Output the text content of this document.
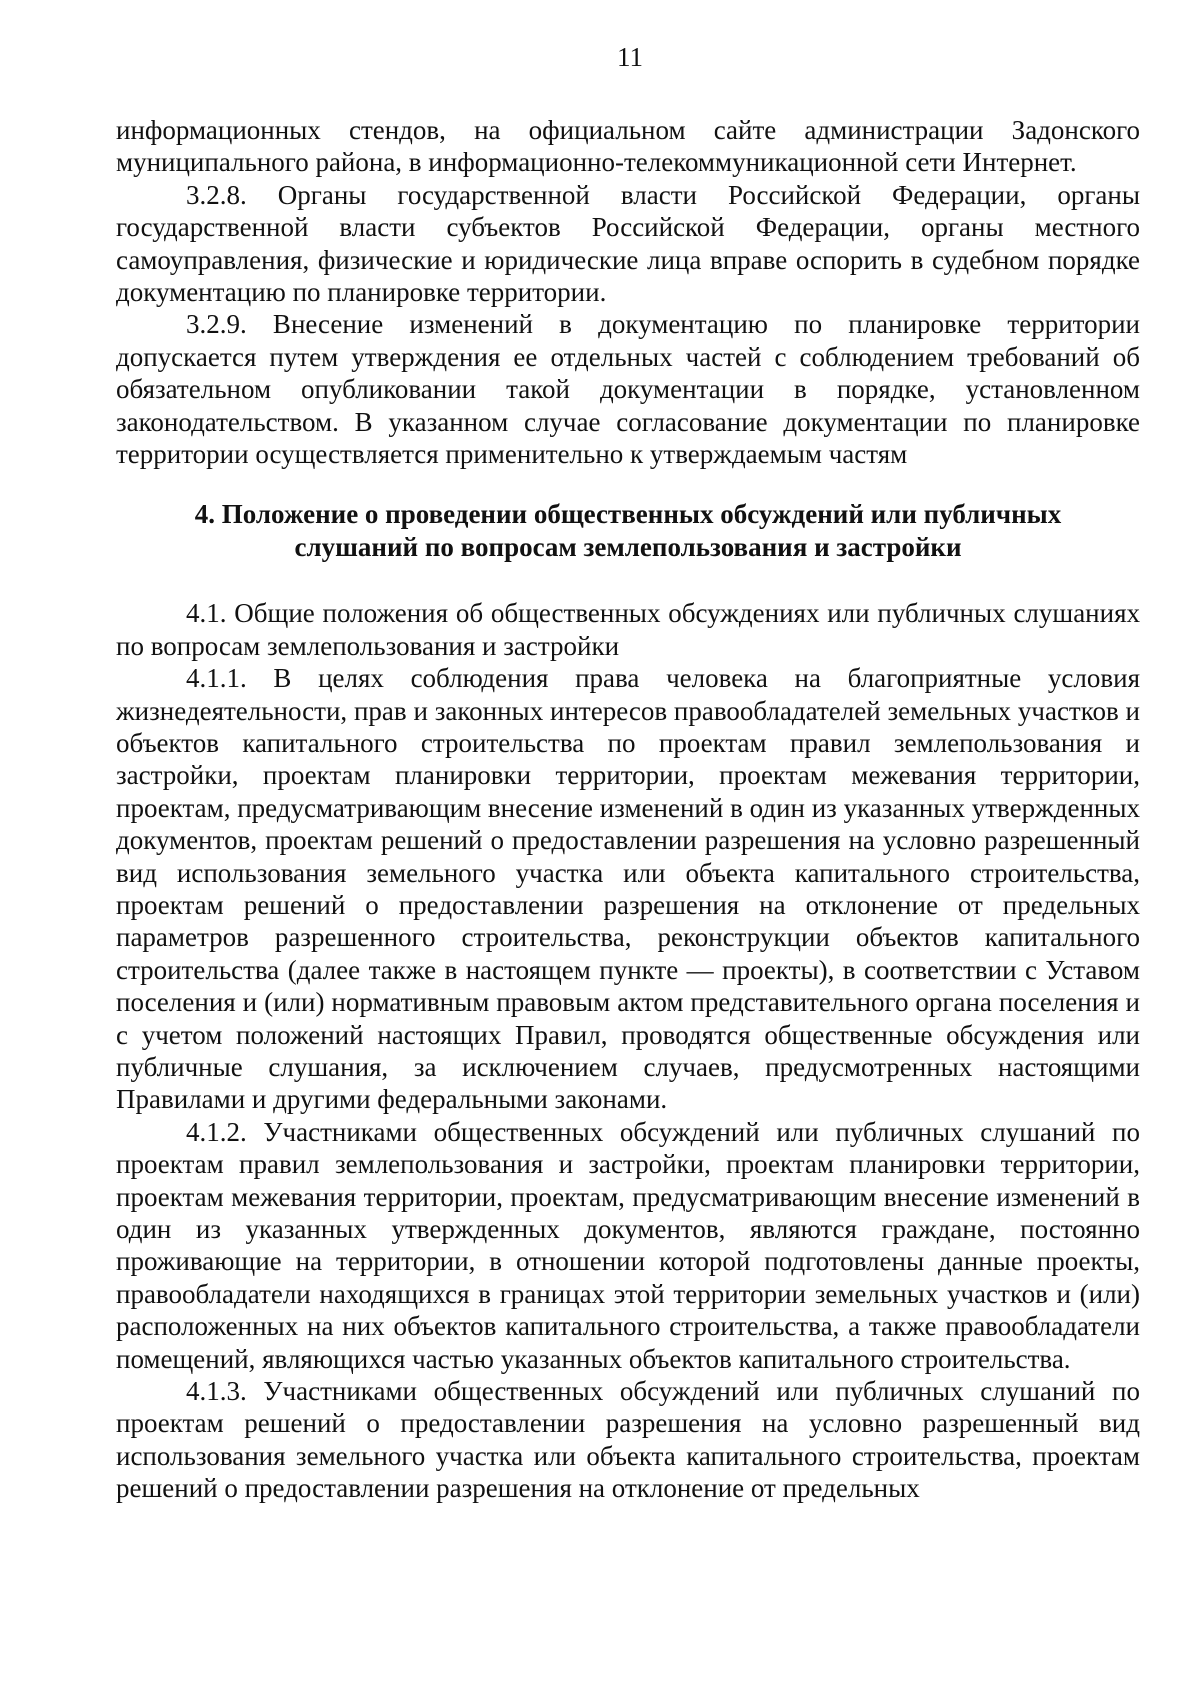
11

информационных стендов, на официальном сайте администрации Задонского муниципального района, в информационно-телекоммуникационной сети Интернет.

3.2.8. Органы государственной власти Российской Федерации, органы государственной власти субъектов Российской Федерации, органы местного самоуправления, физические и юридические лица вправе оспорить в судебном порядке документацию по планировке территории.

3.2.9. Внесение изменений в документацию по планировке территории допускается путем утверждения ее отдельных частей с соблюдением требований об обязательном опубликовании такой документации в порядке, установленном законодательством. В указанном случае согласование документации по планировке территории осуществляется применительно к утверждаемым частям

4. Положение о проведении общественных обсуждений или публичных
слушаний по вопросам землепользования и застройки

4.1. Общие положения об общественных обсуждениях или публичных слушаниях по вопросам землепользования и застройки

4.1.1. В целях соблюдения права человека на благоприятные условия жизнедеятельности, прав и законных интересов правообладателей земельных участков и объектов капитального строительства по проектам правил землепользования и застройки, проектам планировки территории, проектам межевания территории, проектам, предусматривающим внесение изменений в один из указанных утвержденных документов, проектам решений о предоставлении разрешения на условно разрешенный вид использования земельного участка или объекта капитального строительства, проектам решений о предоставлении разрешения на отклонение от предельных параметров разрешенного строительства, реконструкции объектов капитального строительства (далее также в настоящем пункте — проекты), в соответствии с Уставом поселения и (или) нормативным правовым актом представительного органа поселения и с учетом положений настоящих Правил, проводятся общественные обсуждения или публичные слушания, за исключением случаев, предусмотренных настоящими Правилами и другими федеральными законами.

4.1.2. Участниками общественных обсуждений или публичных слушаний по проектам правил землепользования и застройки, проектам планировки территории, проектам межевания территории, проектам, предусматривающим внесение изменений в один из указанных утвержденных документов, являются граждане, постоянно проживающие на территории, в отношении которой подготовлены данные проекты, правообладатели находящихся в границах этой территории земельных участков и (или) расположенных на них объектов капитального строительства, а также правообладатели помещений, являющихся частью указанных объектов капитального строительства.

4.1.3. Участниками общественных обсуждений или публичных слушаний по проектам решений о предоставлении разрешения на условно разрешенный вид использования земельного участка или объекта капитального строительства, проектам решений о предоставлении разрешения на отклонение от предельных
